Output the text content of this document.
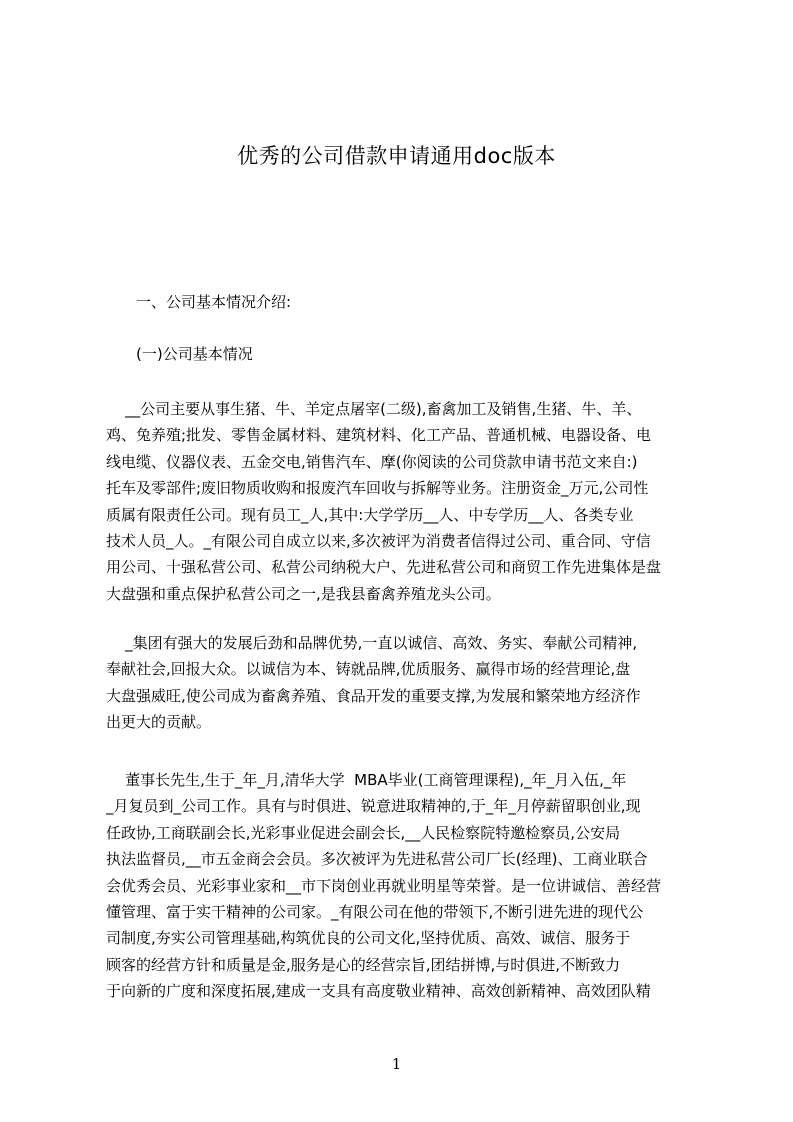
优秀的公司借款申请通用doc版本
一、公司基本情况介绍:
(一)公司基本情况
__公司主要从事生猪、牛、羊定点屠宰(二级),畜禽加工及销售,生猪、牛、羊、
鸡、兔养殖;批发、零售金属材料、建筑材料、化工产品、普通机械、电器设备、电
线电缆、仪器仪表、五金交电,销售汽车、摩(你阅读的公司贷款申请书范文来自:)
托车及零部件;废旧物质收购和报废汽车回收与拆解等业务。注册资金_万元,公司性
质属有限责任公司。现有员工_人,其中:大学学历__人、中专学历__人、各类专业
技术人员_人。_有限公司自成立以来,多次被评为消费者信得过公司、重合同、守信
用公司、十强私营公司、私营公司纳税大户、先进私营公司和商贸工作先进集体是盘
大盘强和重点保护私营公司之一,是我县畜禽养殖龙头公司。
_集团有强大的发展后劲和品牌优势,一直以诚信、高效、务实、奉献公司精神,
奉献社会,回报大众。以诚信为本、铸就品牌,优质服务、赢得市场的经营理论,盘
大盘强威旺,使公司成为畜禽养殖、食品开发的重要支撑,为发展和繁荣地方经济作
出更大的贡献。
董事长先生,生于_年_月,清华大学  MBA毕业(工商管理课程),_年_月入伍,_年
_月复员到_公司工作。具有与时俱进、锐意进取精神的,于_年_月停薪留职创业,现
任政协,工商联副会长,光彩事业促进会副会长,__人民检察院特邀检察员,公安局
执法监督员,__市五金商会会员。多次被评为先进私营公司厂长(经理)、工商业联合
会优秀会员、光彩事业家和__市下岗创业再就业明星等荣誉。是一位讲诚信、善经营
懂管理、富于实干精神的公司家。_有限公司在他的带领下,不断引进先进的现代公
司制度,夯实公司管理基础,构筑优良的公司文化,坚持优质、高效、诚信、服务于
顾客的经营方针和质量是金,服务是心的经营宗旨,团结拼博,与时俱进,不断致力
于向新的广度和深度拓展,建成一支具有高度敬业精神、高效创新精神、高效团队精
1
